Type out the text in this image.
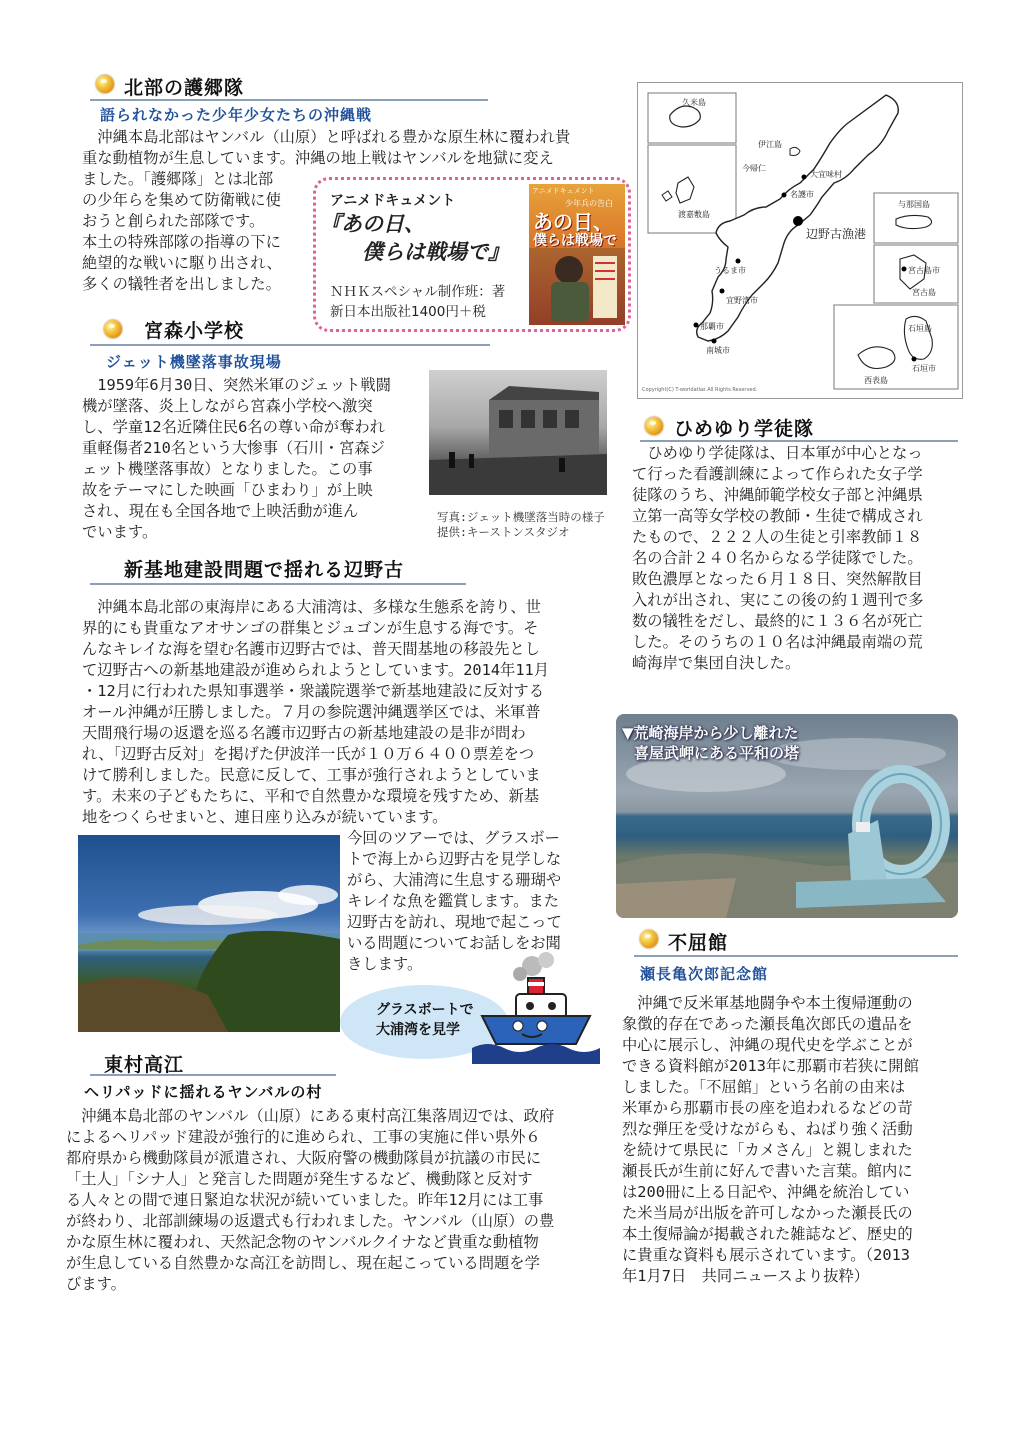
北部の護郷隊
語られなかった少年少女たちの沖縄戦
　沖縄本島北部はヤンバル（山原）と呼ばれる豊かな原生林に覆われ貴
重な動植物が生息しています。沖縄の地上戦はヤンバルを地獄に変え
ました。「護郷隊」とは北部
の少年らを集めて防衛戦に使
おうと創られた部隊です。
本土の特殊部隊の指導の下に
絶望的な戦いに駆り出され、
多くの犠牲者を出しました。
アニメドキュメント
『あの日、
僕らは戦場で』
ＮＨＫスペシャル制作班：著
新日本出版社1400円＋税
アニメドキュメント
少年兵の告白
あの日、
僕らは戦場で
久米島
伊江島
今帰仁
大宜味村
名護市
渡嘉敷島
与那国島
辺野古漁港
うるま市	宮古島市
宜野湾市
宮古島
那覇市	石垣島
南城市
石垣市
西表島
Copyright(C) T-worldatlas All Rights Reserved.
宮森小学校
ジェット機墜落事故現場
　1959年6月30日、突然米軍のジェット戦闘
機が墜落、炎上しながら宮森小学校へ激突
し、学童12名近隣住民6名の尊い命が奪われ
重軽傷者210名という大惨事（石川・宮森ジ
ェット機墜落事故）となりました。この事
故をテーマにした映画「ひまわり」が上映
され、現在も全国各地で上映活動が進ん
でいます。
写真:ジェット機墜落当時の様子
提供:キーストンスタジオ
ひめゆり学徒隊
　ひめゆり学徒隊は、日本軍が中心となっ
て行った看護訓練によって作られた女子学
徒隊のうち、沖縄師範学校女子部と沖縄県
立第一高等女学校の教師・生徒で構成され
たもので、２２２人の生徒と引率教師１８
名の合計２４０名からなる学徒隊でした。
敗色濃厚となった６月１８日、突然解散目
入れが出され、実にこの後の約１週刊で多
数の犠牲をだし、最終的に１３６名が死亡
した。そのうちの１０名は沖縄最南端の荒
崎海岸で集団自決した。
新基地建設問題で揺れる辺野古
　沖縄本島北部の東海岸にある大浦湾は、多様な生態系を誇り、世
界的にも貴重なアオサンゴの群集とジュゴンが生息する海です。そ
んなキレイな海を望む名護市辺野古では、普天間基地の移設先とし
て辺野古への新基地建設が進められようとしています。2014年11月
・12月に行われた県知事選挙・衆議院選挙で新基地建設に反対する
オール沖縄が圧勝しました。７月の参院選沖縄選挙区では、米軍普
天間飛行場の返還を巡る名護市辺野古の新基地建設の是非が問わ
れ、「辺野古反対」を掲げた伊波洋一氏が１０万６４００票差をつ
けて勝利しました。民意に反して、工事が強行されようとしていま
す。未来の子どもたちに、平和で自然豊かな環境を残すため、新基
地をつくらせまいと、連日座り込みが続いています。
今回のツアーでは、グラスボー
トで海上から辺野古を見学しな
がら、大浦湾に生息する珊瑚や
キレイな魚を鑑賞します。また
辺野古を訪れ、現地で起こって
いる問題についてお話しをお聞
きします。
グラスボートで
大浦湾を見学
▼荒崎海岸から少し離れた
喜屋武岬にある平和の塔
東村高江
ヘリパッドに揺れるヤンバルの村
　沖縄本島北部のヤンバル（山原）にある東村高江集落周辺では、政府
によるヘリパッド建設が強行的に進められ、工事の実施に伴い県外６
都府県から機動隊員が派遣され、大阪府警の機動隊員が抗議の市民に
「土人」「シナ人」と発言した問題が発生するなど、機動隊と反対す
る人々との間で連日緊迫な状況が続いていました。昨年12月には工事
が終わり、北部訓練場の返還式も行われました。ヤンバル（山原）の豊
かな原生林に覆われ、天然記念物のヤンバルクイナなど貴重な動植物
が生息している自然豊かな高江を訪問し、現在起こっている問題を学
びます。
不屈館
瀬長亀次郎記念館
　沖縄で反米軍基地闘争や本土復帰運動の
象徴的存在であった瀬長亀次郎氏の遺品を
中心に展示し、沖縄の現代史を学ぶことが
できる資料館が2013年に那覇市若狭に開館
しました。「不屈館」という名前の由来は
米軍から那覇市長の座を追われるなどの苛
烈な弾圧を受けながらも、ねばり強く活動
を続けて県民に「カメさん」と親しまれた
瀬長氏が生前に好んで書いた言葉。館内に
は200冊に上る日記や、沖縄を統治してい
た米当局が出版を許可しなかった瀬長氏の
本土復帰論が掲載された雑誌など、歴史的
に貴重な資料も展示されています。（2013
年1月7日　共同ニュースより抜粋）
